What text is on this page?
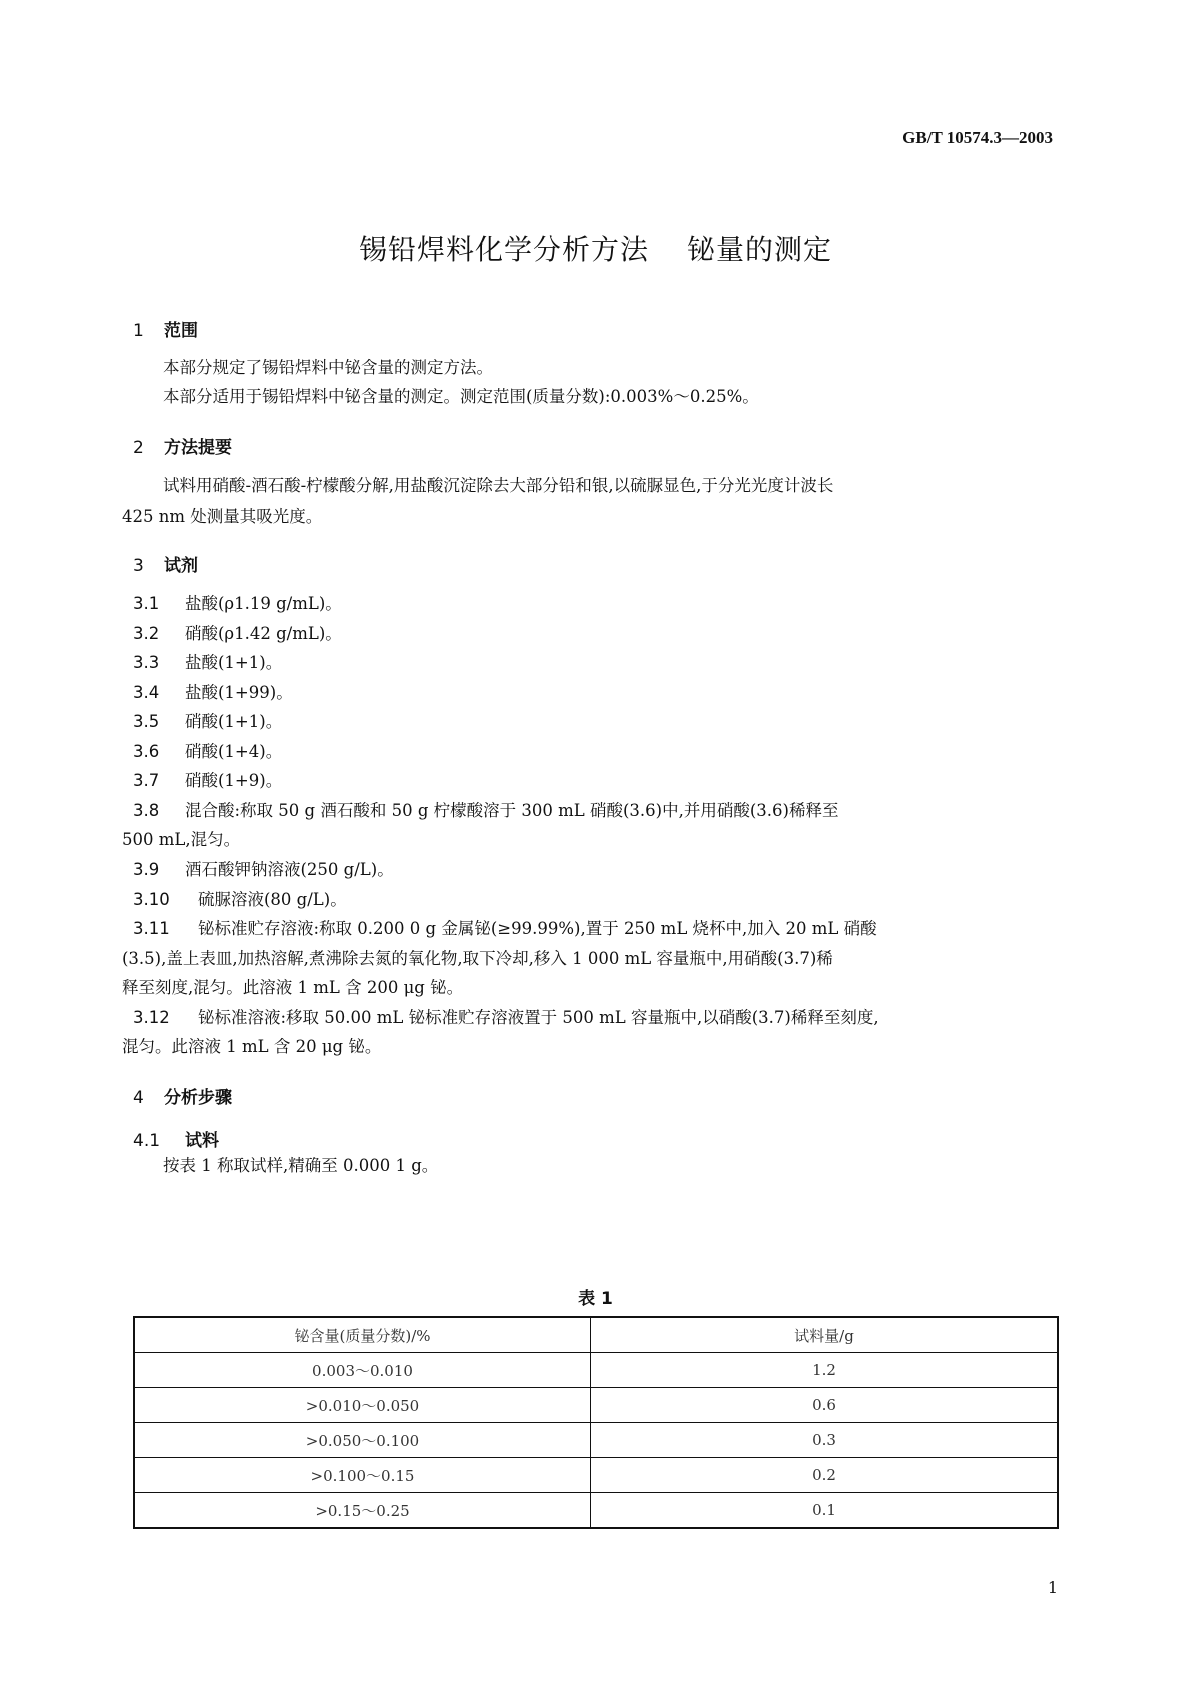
GB/T 10574.3—2003
锡铅焊料化学分析方法 铋量的测定
1 范围
本部分规定了锡铅焊料中铋含量的测定方法。
本部分适用于锡铅焊料中铋含量的测定。测定范围(质量分数):0.003%～0.25%。
2 方法提要
试料用硝酸-酒石酸-柠檬酸分解,用盐酸沉淀除去大部分铅和银,以硫脲显色,于分光光度计波长
425 nm 处测量其吸光度。
3 试剂
3.1 盐酸(ρ1.19 g/mL)。
3.2 硝酸(ρ1.42 g/mL)。
3.3 盐酸(1+1)。
3.4 盐酸(1+99)。
3.5 硝酸(1+1)。
3.6 硝酸(1+4)。
3.7 硝酸(1+9)。
3.8 混合酸:称取 50 g 酒石酸和 50 g 柠檬酸溶于 300 mL 硝酸(3.6)中,并用硝酸(3.6)稀释至
500 mL,混匀。
3.9 酒石酸钾钠溶液(250 g/L)。
3.10 硫脲溶液(80 g/L)。
3.11 铋标准贮存溶液:称取 0.200 0 g 金属铋(≥99.99%),置于 250 mL 烧杯中,加入 20 mL 硝酸
(3.5),盖上表皿,加热溶解,煮沸除去氮的氧化物,取下冷却,移入 1 000 mL 容量瓶中,用硝酸(3.7)稀
释至刻度,混匀。此溶液 1 mL 含 200 μg 铋。
3.12 铋标准溶液:移取 50.00 mL 铋标准贮存溶液置于 500 mL 容量瓶中,以硝酸(3.7)稀释至刻度,
混匀。此溶液 1 mL 含 20 μg 铋。
4 分析步骤
4.1 试料
按表 1 称取试样,精确至 0.000 1 g。
表 1
铋含量(质量分数)/%	试料量/g
0.003～0.010	1.2
>0.010～0.050	0.6
>0.050～0.100	0.3
>0.100～0.15	0.2
>0.15～0.25	0.1
1
